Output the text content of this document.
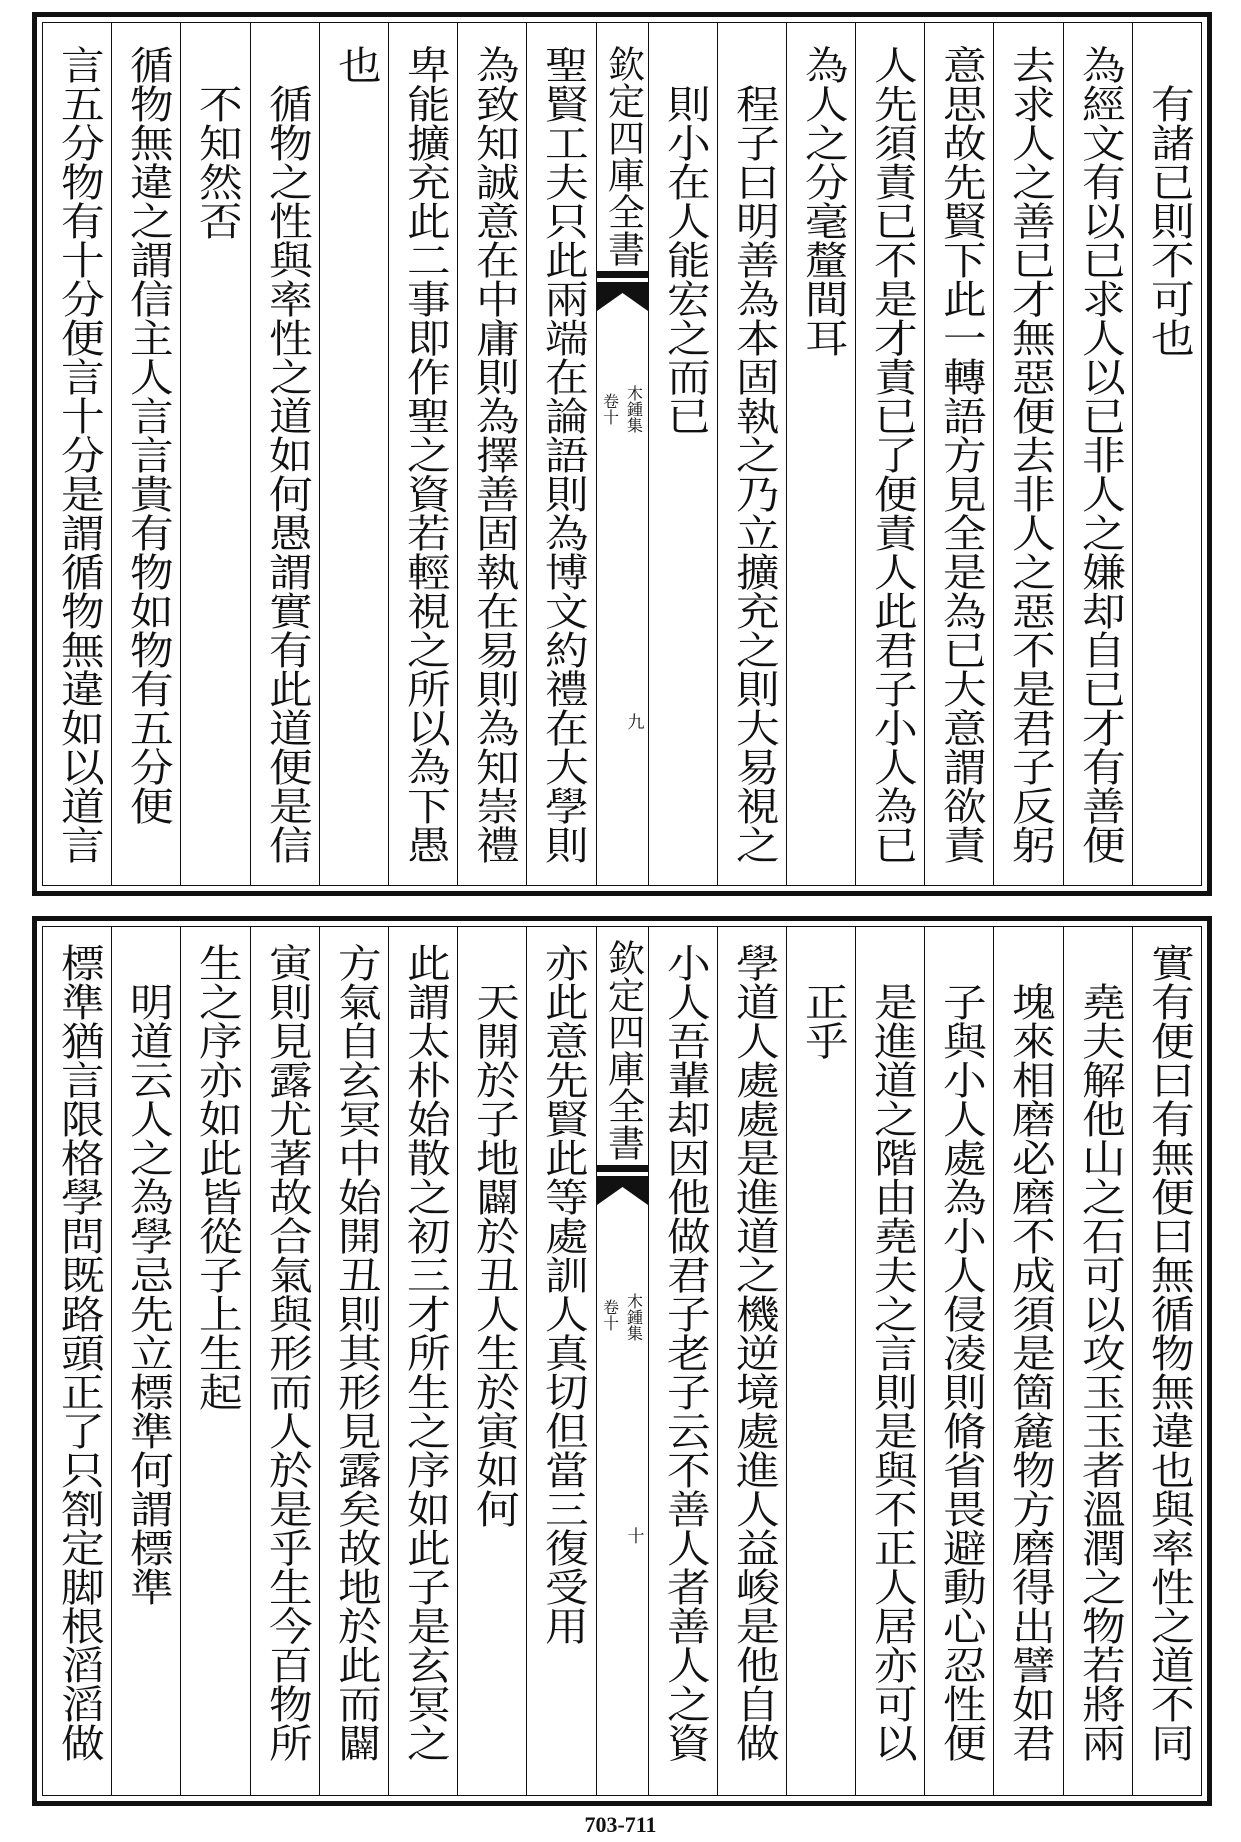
有諸已則不可也
為經文有以已求人以已非人之嫌却自已才有善便
去求人之善已才無惡便去非人之惡不是君子反躬
意思故先賢下此一轉語方見全是為已大意謂欲責
人先須責已不是才責已了便責人此君子小人為已
為人之分毫釐間耳
程子曰明善為本固執之乃立擴充之則大易視之
則小在人能宏之而已
欽定四庫全書
木鍾集
卷十
九
聖賢工夫只此兩端在論語則為博文約禮在大學則
為致知誠意在中庸則為擇善固執在易則為知崇禮
卑能擴充此二事即作聖之資若輕視之所以為下愚
也
循物之性與率性之道如何愚謂實有此道便是信
不知然否
循物無違之謂信主人言言貴有物如物有五分便
言五分物有十分便言十分是謂循物無違如以道言
實有便曰有無便曰無循物無違也與率性之道不同
堯夫解他山之石可以攻玉玉者溫潤之物若將兩
塊來相磨必磨不成須是箇麄物方磨得出譬如君
子與小人處為小人侵凌則脩省畏避動心忍性便
是進道之階由堯夫之言則是與不正人居亦可以
正乎
學道人處處是進道之機逆境處進人益峻是他自做
小人吾輩却因他做君子老子云不善人者善人之資
欽定四庫全書
木鍾集
卷十
十
亦此意先賢此等處訓人真切但當三復受用
天開於子地闢於丑人生於寅如何
此謂太朴始散之初三才所生之序如此子是玄冥之
方氣自玄冥中始開丑則其形見露矣故地於此而闢
寅則見露尤著故合氣與形而人於是乎生今百物所
生之序亦如此皆從子上生起
明道云人之為學忌先立標準何謂標準
標準猶言限格學問既路頭正了只劄定脚根滔滔做
703-711
